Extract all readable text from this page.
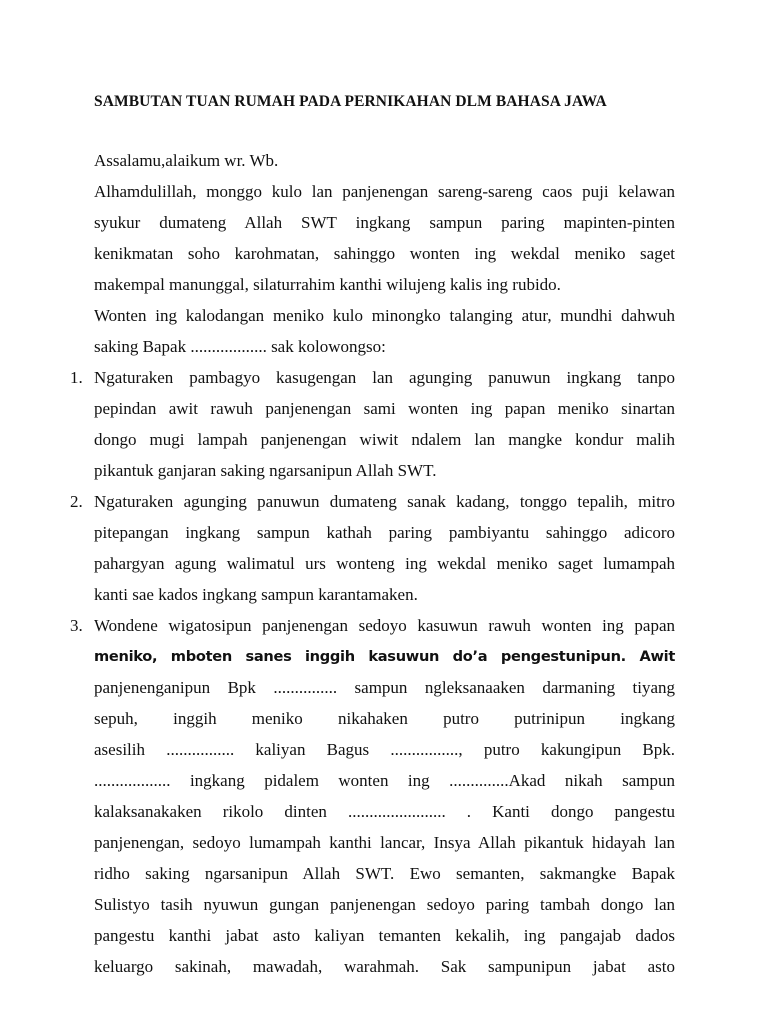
SAMBUTAN TUAN RUMAH PADA PERNIKAHAN DLM BAHASA JAWA
Assalamu,alaikum wr. Wb.
Alhamdulillah, monggo kulo lan panjenengan sareng-sareng caos puji kelawan
syukur dumateng Allah SWT ingkang sampun paring mapinten-pinten
kenikmatan soho karohmatan, sahinggo wonten ing wekdal meniko saget
makempal manunggal, silaturrahim kanthi wilujeng kalis ing rubido.
Wonten ing kalodangan meniko kulo minongko talanging atur, mundhi dahwuh
saking Bapak .................. sak kolowongso:
1. Ngaturaken pambagyo kasugengan lan agunging panuwun ingkang tanpo
pepindan awit rawuh panjenengan sami wonten ing papan meniko sinartan
dongo mugi lampah panjenengan wiwit ndalem lan mangke kondur malih
pikantuk ganjaran saking ngarsanipun Allah SWT.
2. Ngaturaken agunging panuwun dumateng sanak kadang, tonggo tepalih, mitro
pitepangan ingkang sampun kathah paring pambiyantu sahinggo adicoro
pahargyan agung walimatul urs wonteng ing wekdal meniko saget lumampah
kanti sae kados ingkang sampun karantamaken.
3. Wondene wigatosipun panjenengan sedoyo kasuwun rawuh wonten ing papan
meniko, mboten sanes inggih kasuwun do’a pengestunipun. Awit
panjenenganipun Bpk ............... sampun ngleksanaaken darmaning tiyang
sepuh, inggih meniko nikahaken putro putrinipun ingkang
asesilih ................ kaliyan Bagus ................, putro kakungipun Bpk.
.................. ingkang pidalem wonten ing ..............Akad nikah sampun
kalaksanakaken rikolo dinten ....................... . Kanti dongo pangestu
panjenengan, sedoyo lumampah kanthi lancar, Insya Allah pikantuk hidayah lan
ridho saking ngarsanipun Allah SWT. Ewo semanten, sakmangke Bapak
Sulistyo tasih nyuwun gungan panjenengan sedoyo paring tambah dongo lan
pangestu kanthi jabat asto kaliyan temanten kekalih, ing pangajab dados
keluargo sakinah, mawadah, warahmah. Sak sampunipun jabat asto
